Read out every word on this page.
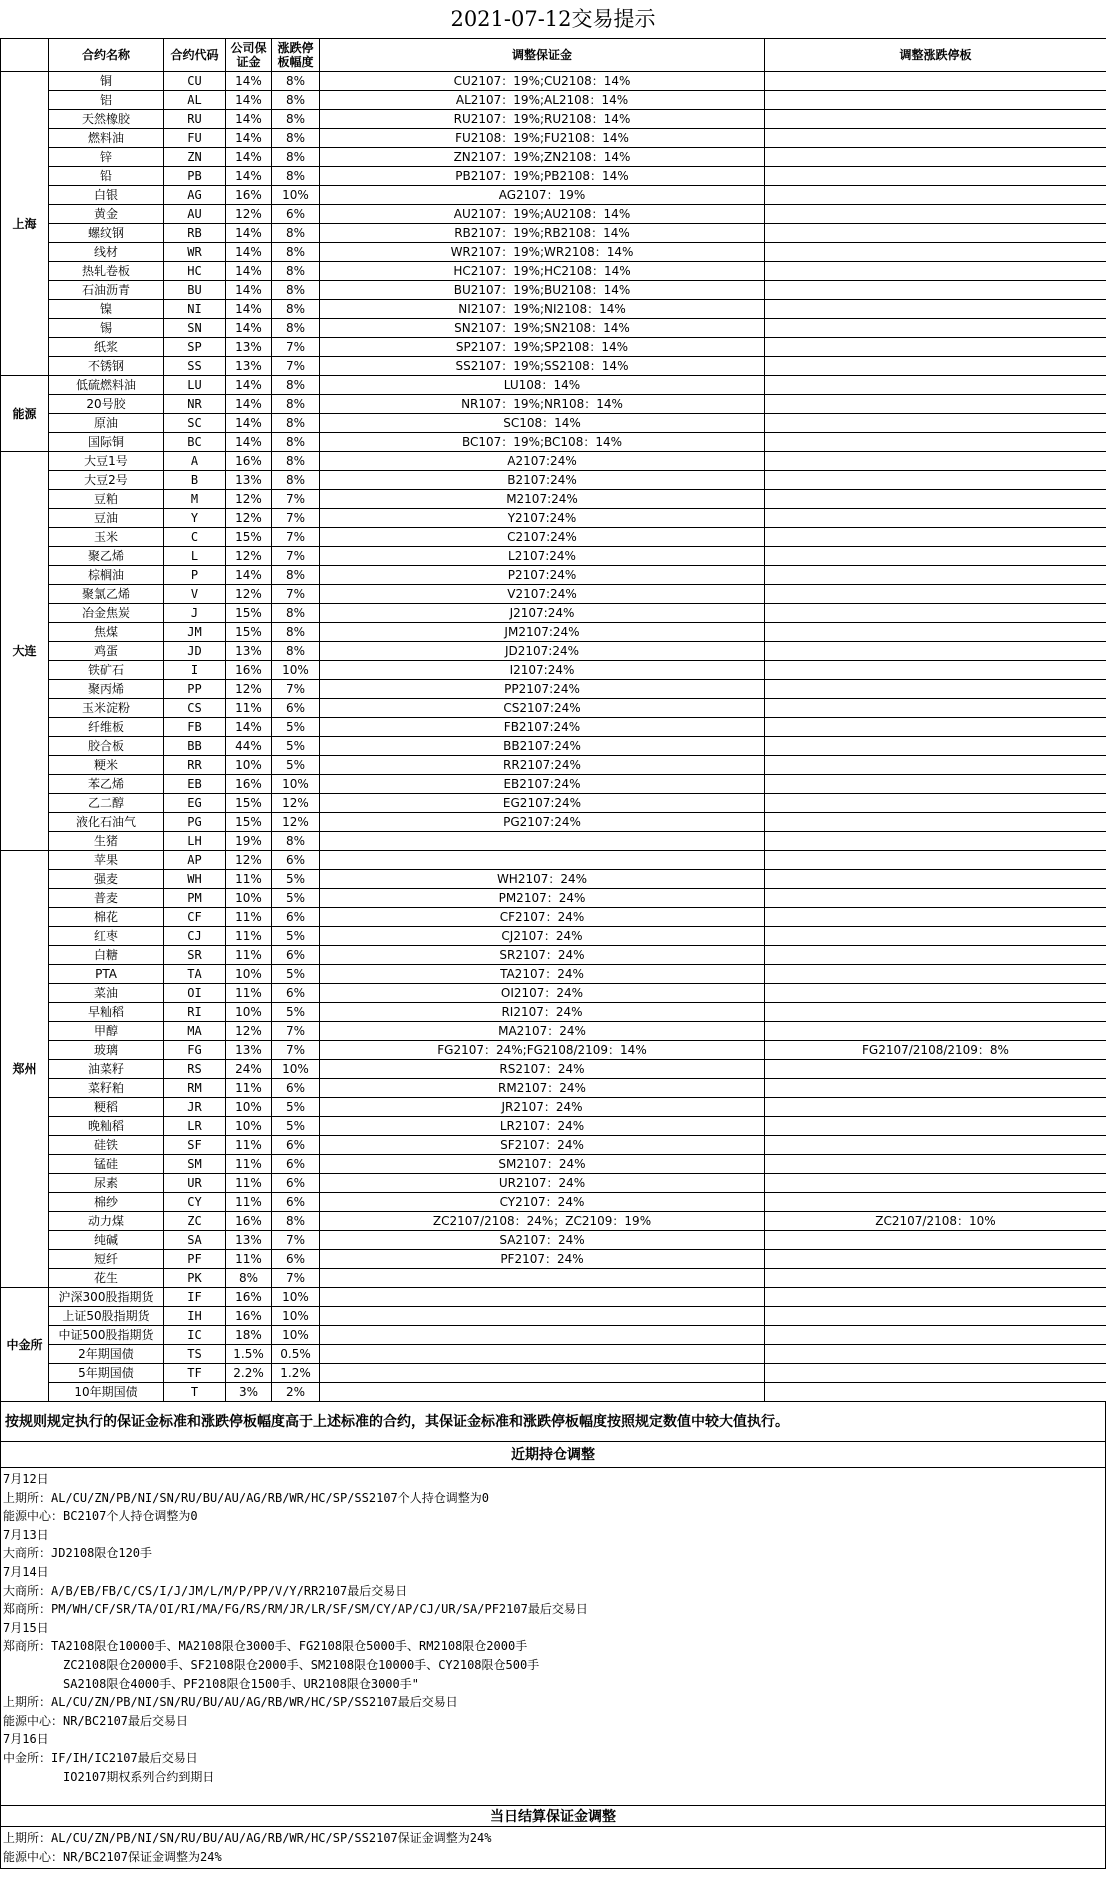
2021-07-12交易提示
	合约名称	合约代码	公司保证金	涨跌停板幅度	调整保证金	调整涨跌停板
上海	铜	CU	14%	8%	CU2107：19%;CU2108：14%	
	铝	AL	14%	8%	AL2107：19%;AL2108：14%	
	天然橡胶	RU	14%	8%	RU2107：19%;RU2108：14%	
	燃料油	FU	14%	8%	FU2108：19%;FU2108：14%	
	锌	ZN	14%	8%	ZN2107：19%;ZN2108：14%	
	铅	PB	14%	8%	PB2107：19%;PB2108：14%	
	白银	AG	16%	10%	AG2107：19%	
	黄金	AU	12%	6%	AU2107：19%;AU2108：14%	
	螺纹钢	RB	14%	8%	RB2107：19%;RB2108：14%	
	线材	WR	14%	8%	WR2107：19%;WR2108：14%	
	热轧卷板	HC	14%	8%	HC2107：19%;HC2108：14%	
	石油沥青	BU	14%	8%	BU2107：19%;BU2108：14%	
	镍	NI	14%	8%	NI2107：19%;NI2108：14%	
	锡	SN	14%	8%	SN2107：19%;SN2108：14%	
	纸浆	SP	13%	7%	SP2107：19%;SP2108：14%	
	不锈钢	SS	13%	7%	SS2107：19%;SS2108：14%	
能源	低硫燃料油	LU	14%	8%	LU108：14%	
	20号胶	NR	14%	8%	NR107：19%;NR108：14%	
	原油	SC	14%	8%	SC108：14%	
	国际铜	BC	14%	8%	BC107：19%;BC108：14%	
大连	大豆1号	A	16%	8%	A2107:24%	
	大豆2号	B	13%	8%	B2107:24%	
	豆粕	M	12%	7%	M2107:24%	
	豆油	Y	12%	7%	Y2107:24%	
	玉米	C	15%	7%	C2107:24%	
	聚乙烯	L	12%	7%	L2107:24%	
	棕榈油	P	14%	8%	P2107:24%	
	聚氯乙烯	V	12%	7%	V2107:24%	
	冶金焦炭	J	15%	8%	J2107:24%	
	焦煤	JM	15%	8%	JM2107:24%	
	鸡蛋	JD	13%	8%	JD2107:24%	
	铁矿石	I	16%	10%	I2107:24%	
	聚丙烯	PP	12%	7%	PP2107:24%	
	玉米淀粉	CS	11%	6%	CS2107:24%	
	纤维板	FB	14%	5%	FB2107:24%	
	胶合板	BB	44%	5%	BB2107:24%	
	粳米	RR	10%	5%	RR2107:24%	
	苯乙烯	EB	16%	10%	EB2107:24%	
	乙二醇	EG	15%	12%	EG2107:24%	
	液化石油气	PG	15%	12%	PG2107:24%	
	生猪	LH	19%	8%		
郑州	苹果	AP	12%	6%		
	强麦	WH	11%	5%	WH2107：24%	
	普麦	PM	10%	5%	PM2107：24%	
	棉花	CF	11%	6%	CF2107：24%	
	红枣	CJ	11%	5%	CJ2107：24%	
	白糖	SR	11%	6%	SR2107：24%	
	PTA	TA	10%	5%	TA2107：24%	
	菜油	OI	11%	6%	OI2107：24%	
	早籼稻	RI	10%	5%	RI2107：24%	
	甲醇	MA	12%	7%	MA2107：24%	
	玻璃	FG	13%	7%	FG2107：24%;FG2108/2109：14%	FG2107/2108/2109：8%
	油菜籽	RS	24%	10%	RS2107：24%	
	菜籽粕	RM	11%	6%	RM2107：24%	
	粳稻	JR	10%	5%	JR2107：24%	
	晚籼稻	LR	10%	5%	LR2107：24%	
	硅铁	SF	11%	6%	SF2107：24%	
	锰硅	SM	11%	6%	SM2107：24%	
	尿素	UR	11%	6%	UR2107：24%	
	棉纱	CY	11%	6%	CY2107：24%	
	动力煤	ZC	16%	8%	ZC2107/2108：24%；ZC2109：19%	ZC2107/2108：10%
	纯碱	SA	13%	7%	SA2107：24%	
	短纤	PF	11%	6%	PF2107：24%	
	花生	PK	8%	7%		
中金所	沪深300股指期货	IF	16%	10%		
	上证50股指期货	IH	16%	10%		
	中证500股指期货	IC	18%	10%		
	2年期国债	TS	1.5%	0.5%		
	5年期国债	TF	2.2%	1.2%		
	10年期国债	T	3%	2%		
按规则规定执行的保证金标准和涨跌停板幅度高于上述标准的合约，其保证金标准和涨跌停板幅度按照规定数值中较大值执行。
近期持仓调整
7月12日
上期所：AL/CU/ZN/PB/NI/SN/RU/BU/AU/AG/RB/WR/HC/SP/SS2107个人持仓调整为0
能源中心：BC2107个人持仓调整为0
7月13日
大商所：JD2108限仓120手
7月14日
大商所：A/B/EB/FB/C/CS/I/J/JM/L/M/P/PP/V/Y/RR2107最后交易日
郑商所：PM/WH/CF/SR/TA/OI/RI/MA/FG/RS/RM/JR/LR/SF/SM/CY/AP/CJ/UR/SA/PF2107最后交易日
7月15日
郑商所：TA2108限仓10000手、MA2108限仓3000手、FG2108限仓5000手、RM2108限仓2000手
ZC2108限仓20000手、SF2108限仓2000手、SM2108限仓10000手、CY2108限仓500手
SA2108限仓4000手、PF2108限仓1500手、UR2108限仓3000手"
上期所：AL/CU/ZN/PB/NI/SN/RU/BU/AU/AG/RB/WR/HC/SP/SS2107最后交易日
能源中心：NR/BC2107最后交易日
7月16日
中金所：IF/IH/IC2107最后交易日
IO2107期权系列合约到期日
当日结算保证金调整
上期所：AL/CU/ZN/PB/NI/SN/RU/BU/AU/AG/RB/WR/HC/SP/SS2107保证金调整为24%
能源中心：NR/BC2107保证金调整为24%
